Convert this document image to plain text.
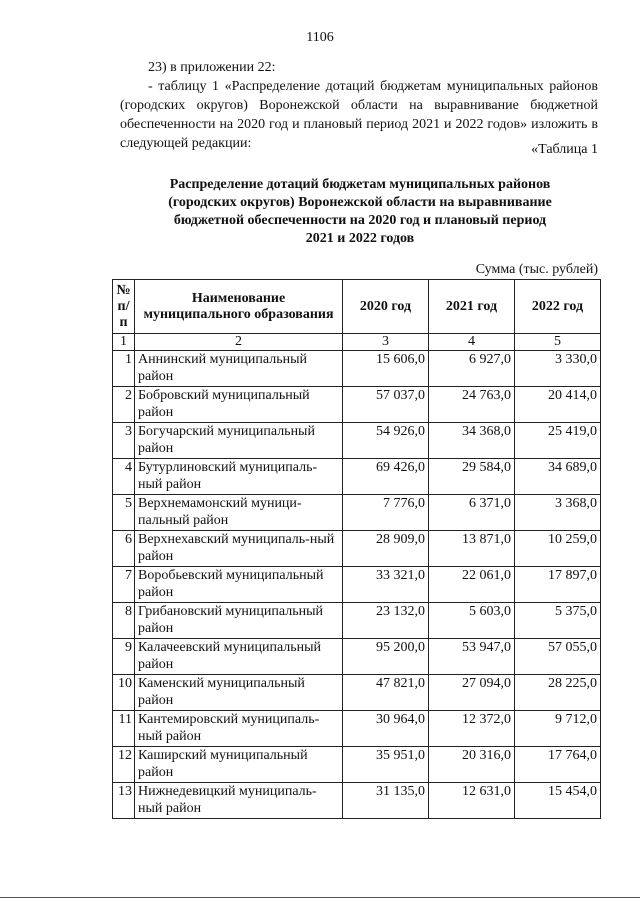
1106

23) в приложении 22:

- таблицу 1 «Распределение дотаций бюджетам муниципальных районов (городских округов) Воронежской области на выравнивание бюджетной обеспеченности на 2020 год и плановый период 2021 и 2022 годов» изложить в следующей редакции:	«Таблица 1
Распределение дотаций бюджетам муниципальных районов
(городских округов) Воронежской области на выравнивание
бюджетной обеспеченности на 2020 год и плановый период
2021 и 2022 годов
Сумма (тыс. рублей)
№ п/п	Наименование муниципального образования	2020 год	2021 год	2022 год
1	2	3	4	5
1	Аннинский муниципальный район	15 606,0	6 927,0	3 330,0
2	Бобровский муниципальный район	57 037,0	24 763,0	20 414,0
3	Богучарский муниципальный район	54 926,0	34 368,0	25 419,0
4	Бутурлиновский муниципаль-ный район	69 426,0	29 584,0	34 689,0
5	Верхнемамонский муници-пальный район	7 776,0	6 371,0	3 368,0
6	Верхнехавский муниципаль-ный район	28 909,0	13 871,0	10 259,0
7	Воробьевский муниципальный район	33 321,0	22 061,0	17 897,0
8	Грибановский муниципальный район	23 132,0	5 603,0	5 375,0
9	Калачеевский муниципальный район	95 200,0	53 947,0	57 055,0
10	Каменский муниципальный район	47 821,0	27 094,0	28 225,0
11	Кантемировский муниципаль-ный район	30 964,0	12 372,0	9 712,0
12	Каширский муниципальный район	35 951,0	20 316,0	17 764,0
13	Нижнедевицкий муниципаль-ный район	31 135,0	12 631,0	15 454,0
